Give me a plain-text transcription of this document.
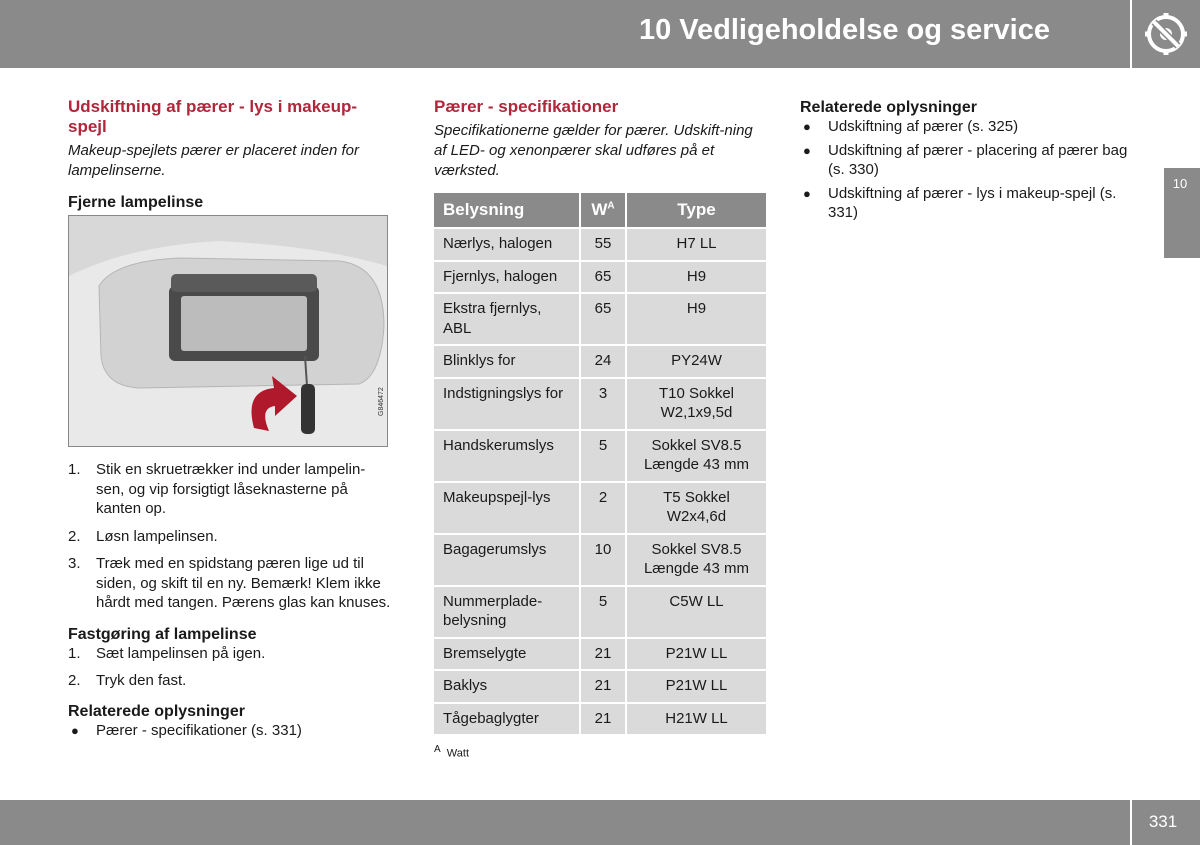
10 Vedligeholdelse og service
10
Udskiftning af pærer - lys i makeup-spejl

Makeup-spejlets pærer er placeret inden for lampelinserne.

Fjerne lampelinse
G846472
1. Stik en skruetrækker ind under lampelin-sen, og vip forsigtigt låseknasterne på kanten op.
2. Løsn lampelinsen.
3. Træk med en spidstang pæren lige ud til siden, og skift til en ny. Bemærk! Klem ikke hårdt med tangen. Pærens glas kan knuses.
Fastgøring af lampelinse
1. Sæt lampelinsen på igen.
2. Tryk den fast.
Relaterede oplysninger
● Pærer - specifikationer (s. 331)
Pærer - specifikationer

Specifikationerne gælder for pærer. Udskift-ning af LED- og xenonpærer skal udføres på et værksted.

Belysning	$W^A$	Type
Nærlys, halogen	55	H7 LL
Fjernlys, halogen	65	H9
Ekstra fjernlys, ABL	65	H9
Blinklys for	24	PY24W
Indstigningslys for	3	T10 Sokkel W2,1x9,5d
Handskerumslys	5	Sokkel SV8.5 Længde 43 mm
Makeupspejl-lys	2	T5 Sokkel W2x4,6d
Bagagerumslys	10	Sokkel SV8.5 Længde 43 mm
Nummerplade-belysning	5	C5W LL
Bremselygte	21	P21W LL
Baklys	21	P21W LL
Tågebaglygter	21	H21W LL
$^A$ Watt
Relaterede oplysninger
● Udskiftning af pærer (s. 325)
● Udskiftning af pærer - placering af pærer bag (s. 330)
● Udskiftning af pærer - lys i makeup-spejl (s. 331)
331
